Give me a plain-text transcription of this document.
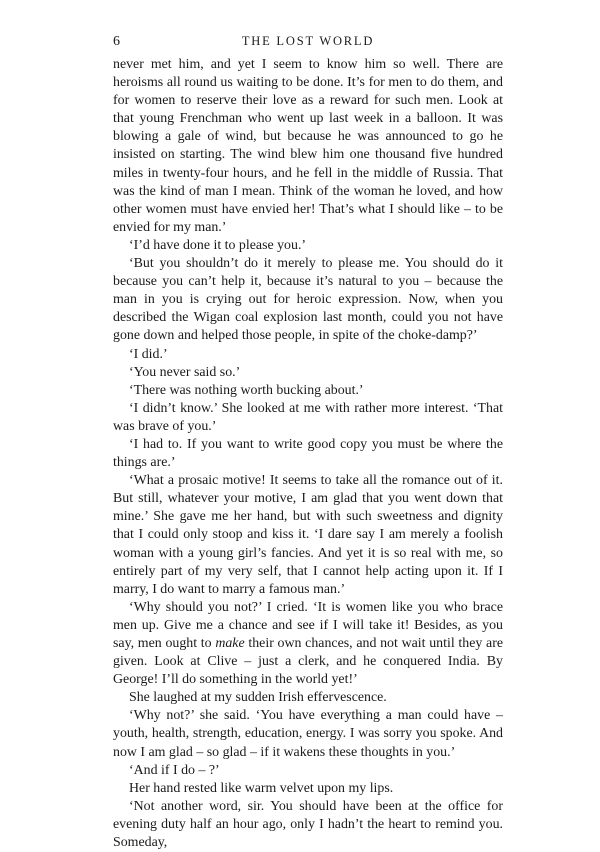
6	THE LOST WORLD

never met him, and yet I seem to know him so well. There are heroisms all round us waiting to be done. It’s for men to do them, and for women to reserve their love as a reward for such men. Look at that young Frenchman who went up last week in a balloon. It was blowing a gale of wind, but because he was announced to go he insisted on starting. The wind blew him one thousand five hundred miles in twenty-four hours, and he fell in the middle of Russia. That was the kind of man I mean. Think of the woman he loved, and how other women must have envied her! That’s what I should like – to be envied for my man.’

‘I’d have done it to please you.’

‘But you shouldn’t do it merely to please me. You should do it because you can’t help it, because it’s natural to you – because the man in you is crying out for heroic expression. Now, when you described the Wigan coal explosion last month, could you not have gone down and helped those people, in spite of the choke-damp?’

‘I did.’

‘You never said so.’

‘There was nothing worth bucking about.’

‘I didn’t know.’ She looked at me with rather more interest. ‘That was brave of you.’

‘I had to. If you want to write good copy you must be where the things are.’

‘What a prosaic motive! It seems to take all the romance out of it. But still, whatever your motive, I am glad that you went down that mine.’ She gave me her hand, but with such sweetness and dignity that I could only stoop and kiss it. ‘I dare say I am merely a foolish woman with a young girl’s fancies. And yet it is so real with me, so entirely part of my very self, that I cannot help acting upon it. If I marry, I do want to marry a famous man.’

‘Why should you not?’ I cried. ‘It is women like you who brace men up. Give me a chance and see if I will take it! Besides, as you say, men ought to make their own chances, and not wait until they are given. Look at Clive – just a clerk, and he conquered India. By George! I’ll do something in the world yet!’

She laughed at my sudden Irish effervescence.

‘Why not?’ she said. ‘You have everything a man could have – youth, health, strength, education, energy. I was sorry you spoke. And now I am glad – so glad – if it wakens these thoughts in you.’

‘And if I do – ?’

Her hand rested like warm velvet upon my lips.

‘Not another word, sir. You should have been at the office for evening duty half an hour ago, only I hadn’t the heart to remind you. Someday,
